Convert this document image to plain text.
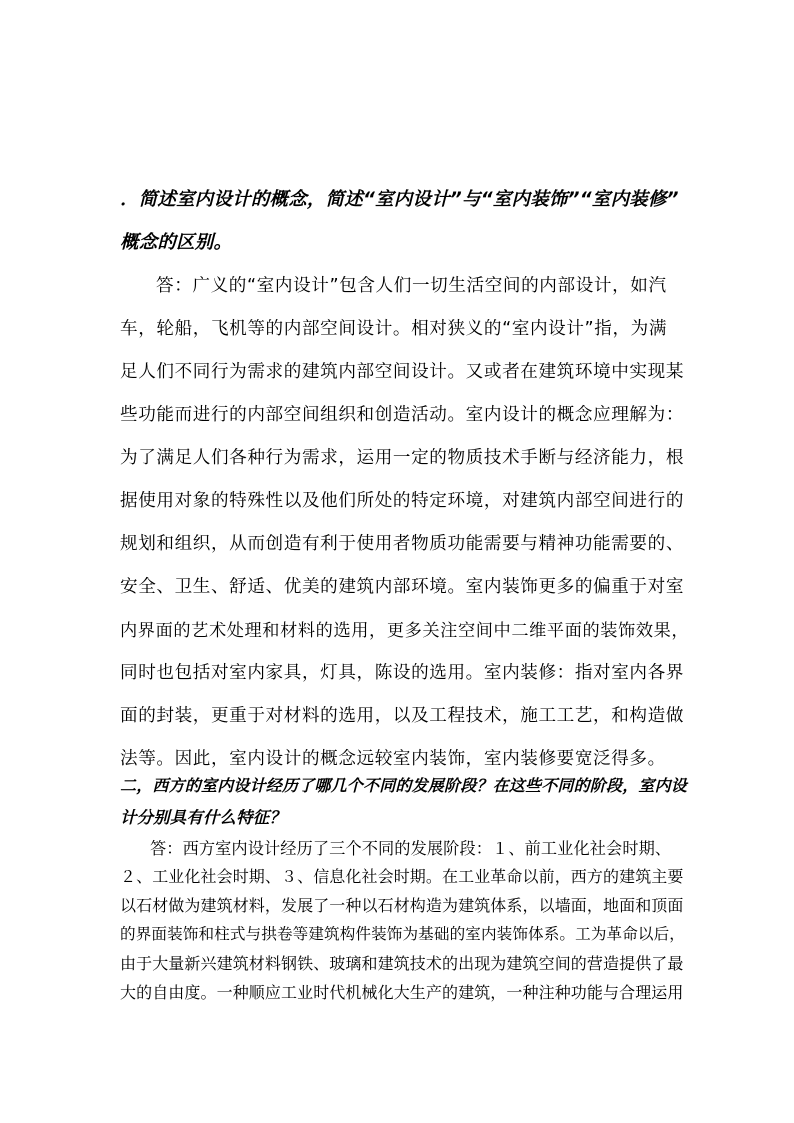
．简述室内设计的概念，简述“室内设计”与“室内装饰”“室内装修”

概念的区别。

答：广义的“室内设计”包含人们一切生活空间的内部设计，如汽

车，轮船，飞机等的内部空间设计。相对狭义的“室内设计”指，为满

足人们不同行为需求的建筑内部空间设计。又或者在建筑环境中实现某

些功能而进行的内部空间组织和创造活动。室内设计的概念应理解为：

为了满足人们各种行为需求，运用一定的物质技术手断与经济能力，根

据使用对象的特殊性以及他们所处的特定环境，对建筑内部空间进行的

规划和组织，从而创造有利于使用者物质功能需要与精神功能需要的、

安全、卫生、舒适、优美的建筑内部环境。室内装饰更多的偏重于对室

内界面的艺术处理和材料的选用，更多关注空间中二维平面的装饰效果，

同时也包括对室内家具，灯具，陈设的选用。室内装修：指对室内各界

面的封装，更重于对材料的选用，以及工程技术，施工工艺，和构造做

法等。因此，室内设计的概念远较室内装饰，室内装修要宽泛得多。

二，西方的室内设计经历了哪几个不同的发展阶段？在这些不同的阶段，室内设

计分别具有什么特征？

答：西方室内设计经历了三个不同的发展阶段：１、前工业化社会时期、

２、工业化社会时期、３、信息化社会时期。在工业革命以前，西方的建筑主要

以石材做为建筑材料，发展了一种以石材构造为建筑体系，以墙面，地面和顶面

的界面装饰和柱式与拱卷等建筑构件装饰为基础的室内装饰体系。工为革命以后，

由于大量新兴建筑材料钢铁、玻璃和建筑技术的出现为建筑空间的营造提供了最

大的自由度。一种顺应工业时代机械化大生产的建筑，一种注种功能与合理运用
